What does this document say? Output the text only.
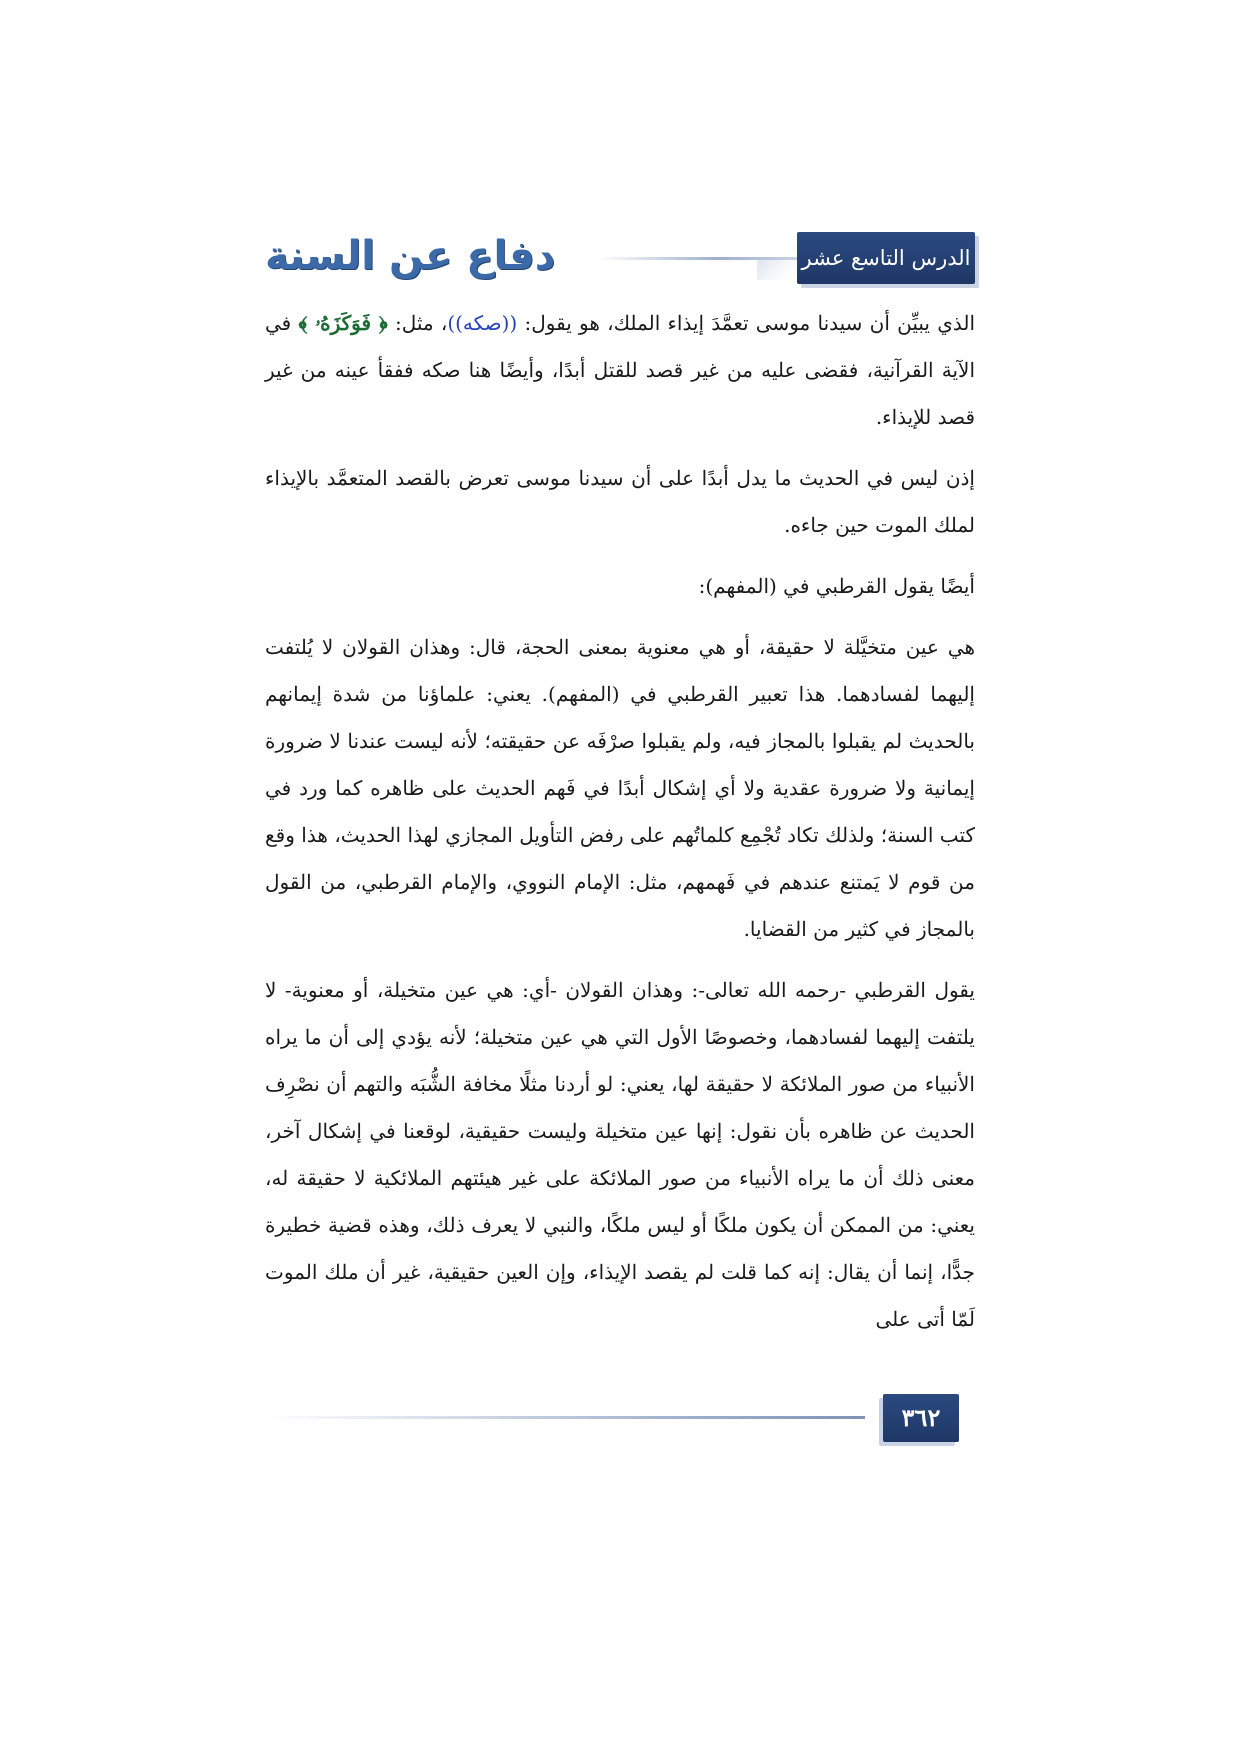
الدرس التاسع عشر
دفاع عن السنة

الذي يبيِّن أن سيدنا موسى تعمَّدَ إيذاء الملك، هو يقول: ((صكه))، مثل: ﴿ فَوَكَزَهُۥ ﴾ في الآية القرآنية، فقضى عليه من غير قصد للقتل أبدًا، وأيضًا هنا صكه ففقأ عينه من غير قصد للإيذاء.

إذن ليس في الحديث ما يدل أبدًا على أن سيدنا موسى تعرض بالقصد المتعمَّد بالإيذاء لملك الموت حين جاءه.

أيضًا يقول القرطبي في (المفهم):

هي عين متخيَّلة لا حقيقة، أو هي معنوية بمعنى الحجة، قال: وهذان القولان لا يُلتفت إليهما لفسادهما. هذا تعبير القرطبي في (المفهم). يعني: علماؤنا من شدة إيمانهم بالحديث لم يقبلوا بالمجاز فيه، ولم يقبلوا صرْفَه عن حقيقته؛ لأنه ليست عندنا لا ضرورة إيمانية ولا ضرورة عقدية ولا أي إشكال أبدًا في فَهم الحديث على ظاهره كما ورد في كتب السنة؛ ولذلك تكاد تُجْمِع كلماتُهم على رفض التأويل المجازي لهذا الحديث، هذا وقع من قوم لا يَمتنع عندهم في فَهمهم، مثل: الإمام النووي، والإمام القرطبي، من القول بالمجاز في كثير من القضايا.

يقول القرطبي -رحمه الله تعالى-: وهذان القولان -أي: هي عين متخيلة، أو معنوية- لا يلتفت إليهما لفسادهما، وخصوصًا الأول التي هي عين متخيلة؛ لأنه يؤدي إلى أن ما يراه الأنبياء من صور الملائكة لا حقيقة لها، يعني: لو أردنا مثلًا مخافة الشُّبَه والتهم أن نصْرِف الحديث عن ظاهره بأن نقول: إنها عين متخيلة وليست حقيقية، لوقعنا في إشكال آخر، معنى ذلك أن ما يراه الأنبياء من صور الملائكة على غير هيئتهم الملائكية لا حقيقة له، يعني: من الممكن أن يكون ملكًا أو ليس ملكًا، والنبي لا يعرف ذلك، وهذه قضية خطيرة جدًّا، إنما أن يقال: إنه كما قلت لم يقصد الإيذاء، وإن العين حقيقية، غير أن ملك الموت لَمّا أتى على

٣٦٢
